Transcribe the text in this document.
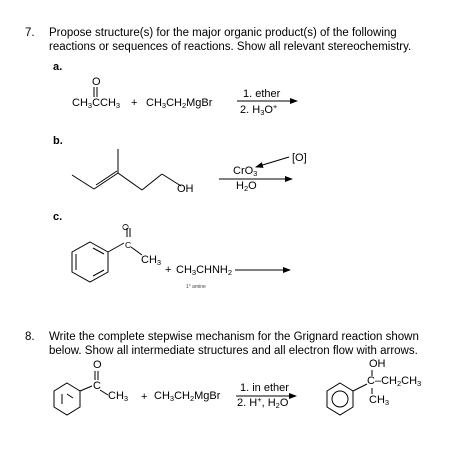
7. Propose structure(s) for the major organic product(s) of the following
reactions or sequences of reactions. Show all relevant stereochemistry.
a.
O
$CH_3CCH_3$ + $CH_3CH_2MgBr$
1. ether
2. $H_3O^+$
b.
OH
[O]
CrO$_3$
$H_2O$
c.
O
C
$CH_3$
+ $CH_3CHNH_2$
1° amine
8. Write the complete stepwise mechanism for the Grignard reaction shown
below. Show all intermediate structures and all electron flow with arrows.
O
C
$CH_3$ + $CH_3CH_2MgBr$
1. in ether
2. H+, $H_2O$
OH
$C-CH_2CH_3$
$CH_3$
